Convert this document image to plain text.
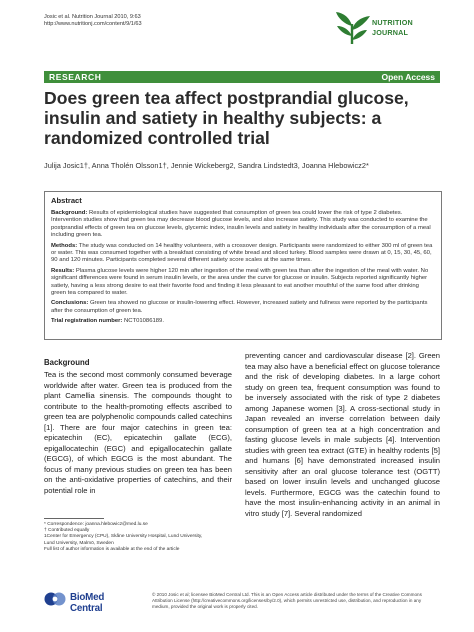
Josic et al. Nutrition Journal 2010, 9:63
http://www.nutritionj.com/content/9/1/63	NUTRITION
JOURNAL
RESEARCH	Open Access
Does green tea affect postprandial glucose, insulin and satiety in healthy subjects: a randomized controlled trial
Julija Josic1†, Anna Tholén Olsson1†, Jennie Wickeberg2, Sandra Lindstedt3, Joanna Hlebowicz2*
Abstract

Background: Results of epidemiological studies have suggested that consumption of green tea could lower the risk of type 2 diabetes. Intervention studies show that green tea may decrease blood glucose levels, and also increase satiety. This study was conducted to examine the postprandial effects of green tea on glucose levels, glycemic index, insulin levels and satiety in healthy individuals after the consumption of a meal including green tea.

Methods: The study was conducted on 14 healthy volunteers, with a crossover design. Participants were randomized to either 300 ml of green tea or water. This was consumed together with a breakfast consisting of white bread and sliced turkey. Blood samples were drawn at 0, 15, 30, 45, 60, 90 and 120 minutes. Participants completed several different satiety score scales at the same times.

Results: Plasma glucose levels were higher 120 min after ingestion of the meal with green tea than after the ingestion of the meal with water. No significant differences were found in serum insulin levels, or the area under the curve for glucose or insulin. Subjects reported significantly higher satiety, having a less strong desire to eat their favorite food and finding it less pleasant to eat another mouthful of the same food after drinking green tea compared to water.

Conclusions: Green tea showed no glucose or insulin-lowering effect. However, increased satiety and fullness were reported by the participants after the consumption of green tea.

Trial registration number: NCT01086189.

Background

Tea is the second most commonly consumed beverage worldwide after water. Green tea is produced from the plant Camellia sinensis. The compounds thought to contribute to the health-promoting effects ascribed to green tea are polyphenolic compounds called catechins [1]. There are four major catechins in green tea: epicatechin (EC), epicatechin gallate (ECG), epigallocatechin (EGC) and epigallocatechin gallate (EGCG), of which EGCG is the most abundant. The focus of many previous studies on green tea has been on the anti-oxidative properties of catechins, and their potential role in

preventing cancer and cardiovascular disease [2]. Green tea may also have a beneficial effect on glucose tolerance and the risk of developing diabetes. In a large cohort study on green tea, frequent consumption was found to be inversely associated with the risk of type 2 diabetes among Japanese women [3]. A cross-sectional study in Japan revealed an inverse correlation between daily consumption of green tea at a high concentration and fasting glucose levels in male subjects [4]. Intervention studies with green tea extract (GTE) in healthy rodents [5] and humans [6] have demonstrated increased insulin sensitivity after an oral glucose tolerance test (OGTT) based on lower insulin levels and unchanged glucose levels. Furthermore, EGCG was the catechin found to have the most insulin-enhancing activity in an animal in vitro study [7]. Several randomized

* Correspondence: joanna.hlebowicz@med.lu.se
† Contributed equally
1Center for Emergency (CPU), Skåne University Hospital, Lund University,
Lund University, Malmö, Sweden
Full list of author information is available at the end of the article
BioMed Central
© 2010 Josic et al; licensee BioMed Central Ltd. This is an Open Access article distributed under the terms of the Creative Commons Attribution License (http://creativecommons.org/licenses/by/2.0), which permits unrestricted use, distribution, and reproduction in any medium, provided the original work is properly cited.
